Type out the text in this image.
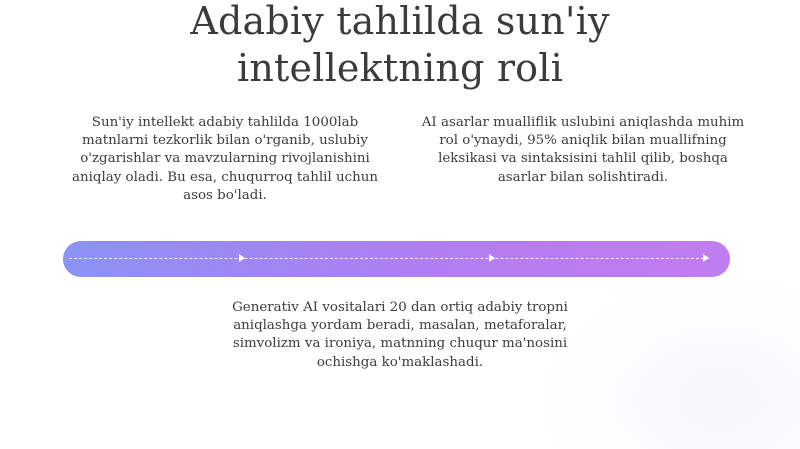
Adabiy tahlilda sun'iy
intellektning roli

Sun'iy intellekt adabiy tahlilda 1000lab matnlarni tezkorlik bilan o'rganib, uslubiy o'zgarishlar va mavzularning rivojlanishini aniqlay oladi. Bu esa, chuqurroq tahlil uchun asos bo'ladi.

AI asarlar mualliflik uslubini aniqlashda muhim rol o'ynaydi, 95% aniqlik bilan muallifning leksikasi va sintaksisini tahlil qilib, boshqa asarlar bilan solishtiradi.

Generativ AI vositalari 20 dan ortiq adabiy tropni aniqlashga yordam beradi, masalan, metaforalar, simvolizm va ironiya, matnning chuqur ma'nosini ochishga ko'maklashadi.
